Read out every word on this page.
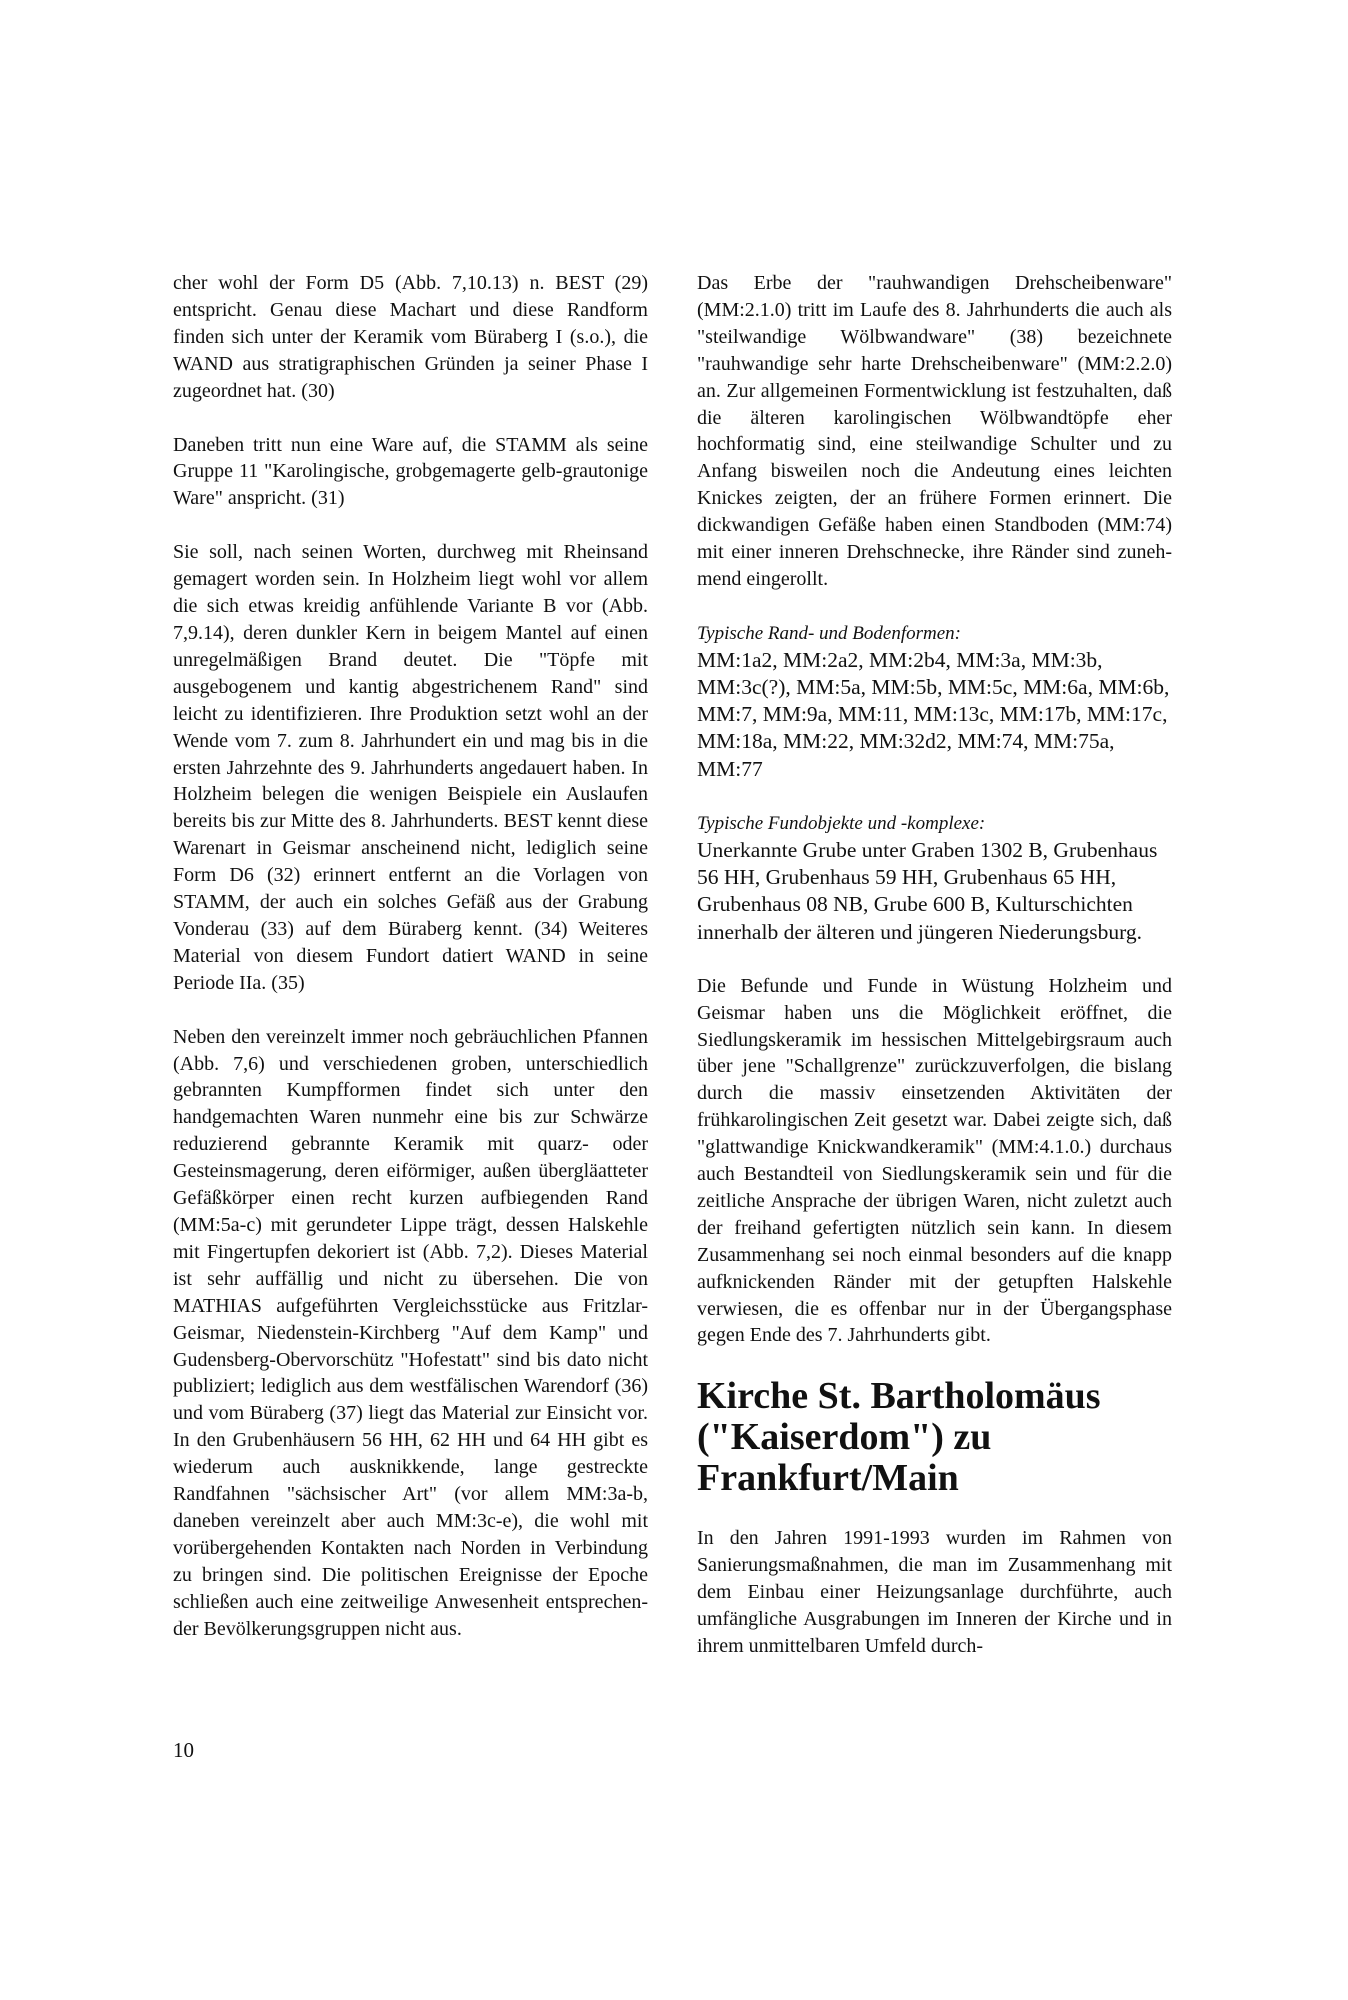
cher wohl der Form D5 (Abb. 7,10.13) n. BEST (29) entspricht. Genau diese Machart und diese Randform finden sich unter der Keramik vom Büraberg I (s.o.), die WAND aus stratigraphischen Gründen ja seiner Phase I zugeordnet hat. (30)

Daneben tritt nun eine Ware auf, die STAMM als seine Gruppe 11 "Karolingische, grobgemagerte gelb-grautonige Ware" anspricht. (31)

Sie soll, nach seinen Worten, durchweg mit Rheinsand gemagert worden sein. In Holzheim liegt wohl vor allem die sich etwas kreidig anfühlende Variante B vor (Abb. 7,9.14), deren dunkler Kern in beigem Mantel auf einen unregelmäßigen Brand deutet. Die "Töpfe mit ausgebogenem und kantig abgestrichenem Rand" sind leicht zu identifizieren. Ihre Produktion setzt wohl an der Wende vom 7. zum 8. Jahrhundert ein und mag bis in die ersten Jahrzehnte des 9. Jahrhunderts angedauert haben. In Holzheim belegen die wenigen Beispiele ein Auslaufen bereits bis zur Mitte des 8. Jahrhunderts. BEST kennt diese Warenart in Geismar anscheinend nicht, lediglich seine Form D6 (32) erinnert entfernt an die Vorlagen von STAMM, der auch ein solches Gefäß aus der Grabung Vonderau (33) auf dem Büraberg kennt. (34) Weiteres Material von diesem Fundort datiert WAND in seine Periode IIa. (35)

Neben den vereinzelt immer noch gebräuchlichen Pfannen (Abb. 7,6) und verschiedenen groben, unterschiedlich gebrannten Kumpfformen findet sich unter den handgemachten Waren nunmehr eine bis zur Schwärze reduzierend gebrannte Keramik mit quarz- oder Gesteinsmagerung, deren eiförmiger, außen übergläatteter Gefäßkörper einen recht kurzen aufbiegenden Rand (MM:5a-c) mit gerundeter Lippe trägt, dessen Halskehle mit Fingertupfen dekoriert ist (Abb. 7,2). Dieses Material ist sehr auffällig und nicht zu übersehen. Die von MATHIAS aufgeführten Vergleichsstücke aus Fritzlar-Geismar, Niedenstein-Kirchberg "Auf dem Kamp" und Gudensberg-Obervorschütz "Hofestatt" sind bis dato nicht publiziert; lediglich aus dem westfälischen Warendorf (36) und vom Büraberg (37) liegt das Material zur Einsicht vor. In den Grubenhäusern 56 HH, 62 HH und 64 HH gibt es wiederum auch ausknikkende, lange gestreckte Randfahnen "sächsischer Art" (vor allem MM:3a-b, daneben vereinzelt aber auch MM:3c-e), die wohl mit vorübergehenden Kontakten nach Norden in Verbindung zu bringen sind. Die politischen Ereignisse der Epoche schließen auch eine zeitweilige Anwesenheit entsprechender Bevölkerungsgruppen nicht aus.

Das Erbe der "rauhwandigen Drehscheibenware" (MM:2.1.0) tritt im Laufe des 8. Jahrhunderts die auch als "steilwandige Wölbwandware" (38) bezeichnete "rauhwandige sehr harte Drehscheibenware" (MM:2.2.0) an. Zur allgemeinen Formentwicklung ist festzuhalten, daß die älteren karolingischen Wölbwandtöpfe eher hochformatig sind, eine steilwandige Schulter und zu Anfang bisweilen noch die Andeutung eines leichten Knickes zeigten, der an frühere Formen erinnert. Die dickwandigen Gefäße haben einen Standboden (MM:74) mit einer inneren Drehschnecke, ihre Ränder sind zunehmend eingerollt.

Typische Rand- und Bodenformen:
MM:1a2, MM:2a2, MM:2b4, MM:3a, MM:3b, MM:3c(?), MM:5a, MM:5b, MM:5c, MM:6a, MM:6b, MM:7, MM:9a, MM:11, MM:13c, MM:17b, MM:17c, MM:18a, MM:22, MM:32d2, MM:74, MM:75a, MM:77
Typische Fundobjekte und -komplexe:
Unerkannte Grube unter Graben 1302 B, Grubenhaus 56 HH, Grubenhaus 59 HH, Grubenhaus 65 HH, Grubenhaus 08 NB, Grube 600 B, Kulturschichten innerhalb der älteren und jüngeren Niederungsburg.

Die Befunde und Funde in Wüstung Holzheim und Geismar haben uns die Möglichkeit eröffnet, die Siedlungskeramik im hessischen Mittelgebirgsraum auch über jene "Schallgrenze" zurückzuverfolgen, die bislang durch die massiv einsetzenden Aktivitäten der frühkarolingischen Zeit gesetzt war. Dabei zeigte sich, daß "glattwandige Knickwandkeramik" (MM:4.1.0.) durchaus auch Bestandteil von Siedlungskeramik sein und für die zeitliche Ansprache der übrigen Waren, nicht zuletzt auch der freihand gefertigten nützlich sein kann. In diesem Zusammenhang sei noch einmal besonders auf die knapp aufknickenden Ränder mit der getupften Halskehle verwiesen, die es offenbar nur in der Übergangsphase gegen Ende des 7. Jahrhunderts gibt.

Kirche St. Bartholomäus ("Kaiserdom") zu Frankfurt/Main

In den Jahren 1991-1993 wurden im Rahmen von Sanierungsmaßnahmen, die man im Zusammenhang mit dem Einbau einer Heizungsanlage durchführte, auch umfängliche Ausgrabungen im Inneren der Kirche und in ihrem unmittelbaren Umfeld durch-

10
